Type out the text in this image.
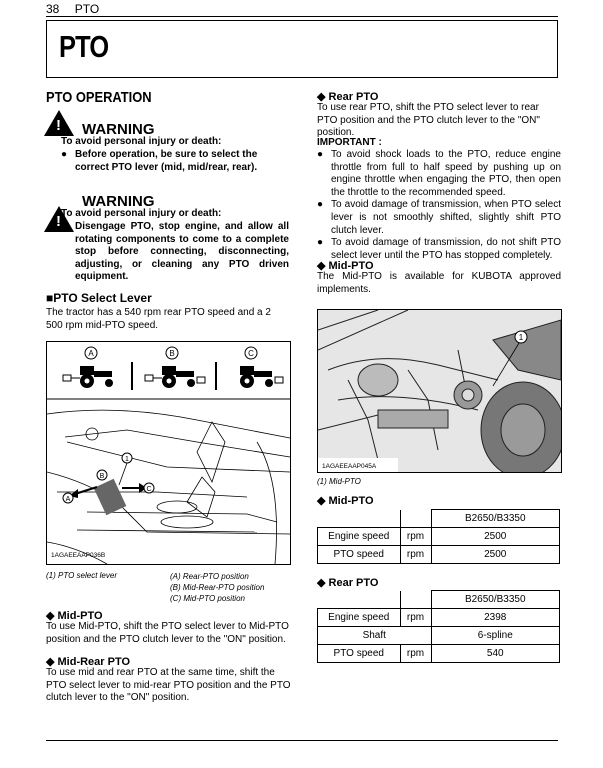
38 PTO
PTO
PTO OPERATION
! WARNING
To avoid personal injury or death:
● Before operation, be sure to select the correct PTO lever (mid, mid/rear, rear).
!
WARNING
To avoid personal injury or death:
● Disengage PTO, stop engine, and allow all rotating components to come to a complete stop before connecting, disconnecting, adjusting, or cleaning any PTO driven equipment.
■PTO Select Lever
The tractor has a 540 rpm rear PTO speed and a 2 500 rpm mid-PTO speed.
A	B	C
1
B
A
C
1AGAEEAAP036B
(1) PTO select lever	(A) Rear-PTO position
(B) Mid-Rear-PTO position
(C) Mid-PTO position
◆ Mid-PTO
To use Mid-PTO, shift the PTO select lever to Mid-PTO position and the PTO clutch lever to the "ON" position.
◆ Mid-Rear PTO
To use mid and rear PTO at the same time, shift the PTO select lever to mid-rear PTO position and the PTO clutch lever to the "ON" position.
◆ Rear PTO
To use rear PTO, shift the PTO select lever to rear PTO position and the PTO clutch lever to the "ON" position.
IMPORTANT :
● To avoid shock loads to the PTO, reduce engine throttle from full to half speed by pushing up on engine throttle when engaging the PTO, then open the throttle to the recommended speed.
● To avoid damage of transmission, when PTO select lever is not smoothly shifted, slightly shift PTO clutch lever.
● To avoid damage of transmission, do not shift PTO select lever until the PTO has stopped completely.
◆ Mid-PTO
The Mid-PTO is available for KUBOTA approved implements.
1
1AGAEEAAP045A
(1) Mid-PTO
◆ Mid-PTO
		B2650/B3350
Engine speed	rpm	2500
PTO speed	rpm	2500
◆ Rear PTO
		B2650/B3350
Engine speed	rpm	2398
Shaft		6-spline
PTO speed	rpm	540
